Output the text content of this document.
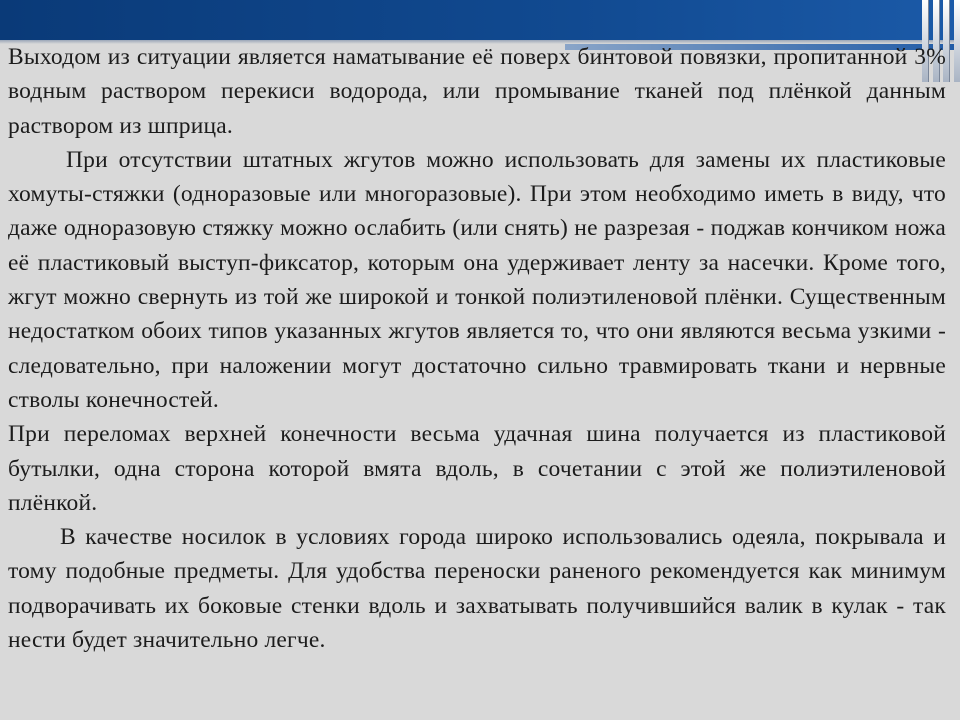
Выходом из ситуации является наматывание её поверх бинтовой повязки, пропитанной 3% водным раствором перекиси водорода, или промывание тканей под плёнкой данным раствором из шприца.

При отсутствии штатных жгутов можно использовать для замены их пластиковые хомуты-стяжки (одноразовые или многоразовые). При этом необходимо иметь в виду, что даже одноразовую стяжку можно ослабить (или снять) не разрезая - поджав кончиком ножа её пластиковый выступ-фиксатор, которым она удерживает ленту за насечки. Кроме того, жгут можно свернуть из той же широкой и тонкой полиэтиленовой плёнки. Существенным недостатком обоих типов указанных жгутов является то, что они являются весьма узкими - следовательно, при наложении могут достаточно сильно травмировать ткани и нервные стволы конечностей.

При переломах верхней конечности весьма удачная шина получается из пластиковой бутылки, одна сторона которой вмята вдоль, в сочетании с этой же полиэтиленовой плёнкой.

В качестве носилок в условиях города широко использовались одеяла, покрывала и тому подобные предметы. Для удобства переноски раненого рекомендуется как минимум подворачивать их боковые стенки вдоль и захватывать получившийся валик в кулак - так нести будет значительно легче.
